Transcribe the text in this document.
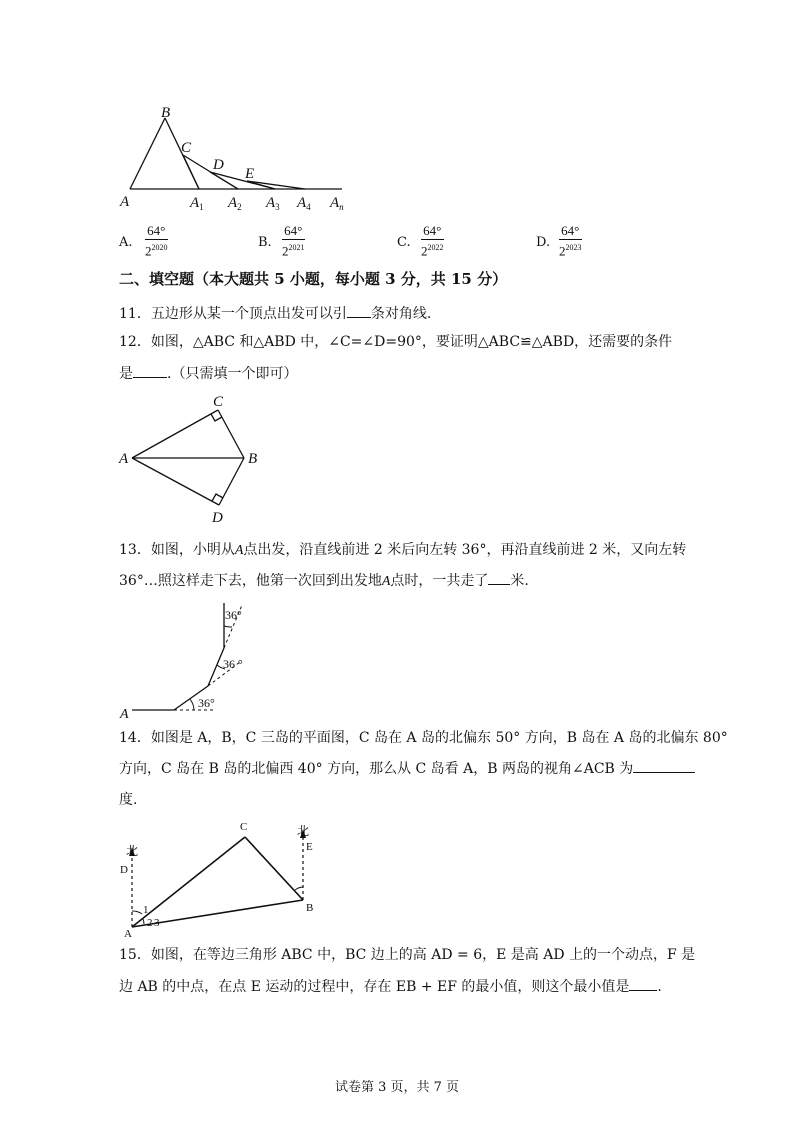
B
C
D
E
A	$A_1$ $A_2$ $A_3$ $A_4$ $A_n$
A. $\frac{64^\circ}{2^{2020}}$	B. $\frac{64^\circ}{2^{2021}}$	C. $\frac{64^\circ}{2^{2022}}$	D. $\frac{64^\circ}{2^{2023}}$
二、填空题（本大题共 5 小题，每小题 3 分，共 15 分）
11．五边形从某一个顶点出发可以引 条对角线.
12．如图，△ABC 和△ABD 中，∠C=∠D=90°，要证明△ABC≌△ABD，还需要的条件
是 .（只需填一个即可）
C
A	B
D
13．如图，小明从A点出发，沿直线前进 2 米后向左转 36°，再沿直线前进 2 米，又向左转
36°…照这样走下去，他第一次回到出发地A点时，一共走了 米.
36°
36 °
36°
A
14．如图是 A，B，C 三岛的平面图，C 岛在 A 岛的北偏东 50° 方向，B 岛在 A 岛的北偏东 80°
方向，C 岛在 B 岛的北偏西 40° 方向，那么从 C 岛看 A，B 两岛的视角∠ACB 为
度.
北
北
D
E
C
A
B
1
2 3
15．如图，在等边三角形 ABC 中，BC 边上的高 AD = 6，E 是高 AD 上的一个动点，F 是
边 AB 的中点，在点 E 运动的过程中，存在 EB + EF 的最小值，则这个最小值是 .
试卷第 3 页，共 7 页
